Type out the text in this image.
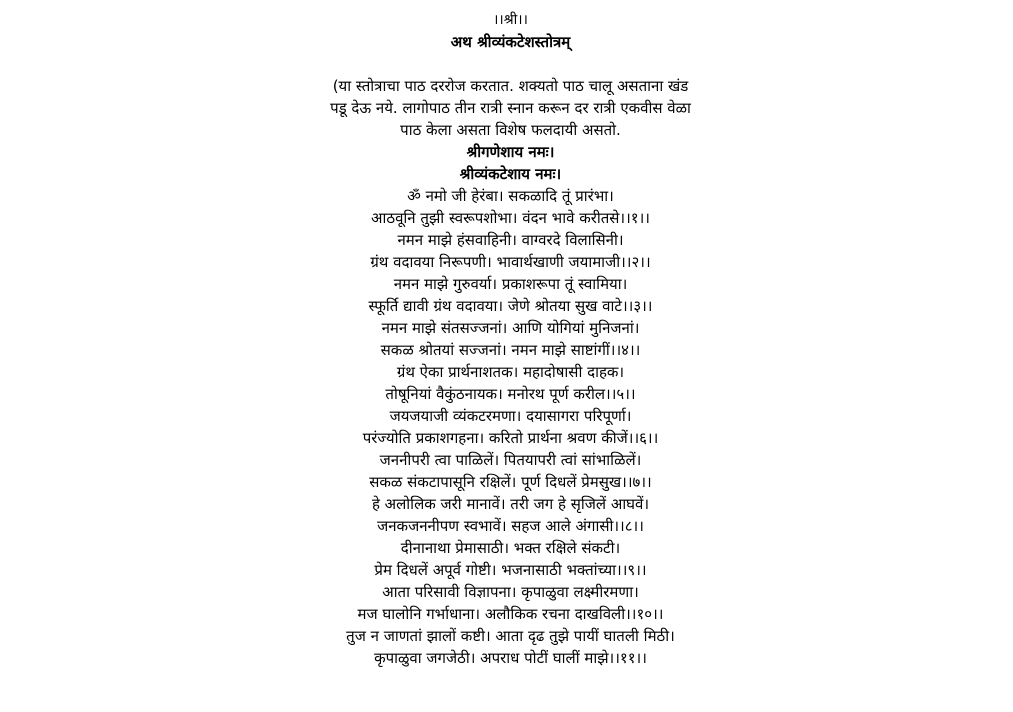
।।श्री।।
अथ श्रीव्यंकटेशस्तोत्रम्
(या स्तोत्राचा पाठ दररोज करतात. शक्यतो पाठ चालू असताना खंड
पडू देऊ नये. लागोपाठ तीन रात्री स्नान करून दर रात्री एकवीस वेळा
पाठ केला असता विशेष फलदायी असतो.
श्रीगणेशाय नमः।
श्रीव्यंकटेशाय नमः।
ॐ नमो जी हेरंबा। सकळादि तूं प्रारंभा।
आठवूनि तुझी स्वरूपशोभा। वंदन भावे करीतसे।।१।।
नमन माझे हंसवाहिनी। वाग्वरदे विलासिनी।
ग्रंथ वदावया निरूपणी। भावार्थखाणी जयामाजी।।२।।
नमन माझे गुरुवर्या। प्रकाशरूपा तूं स्वामिया।
स्फूर्ति द्यावी ग्रंथ वदावया। जेणे श्रोतया सुख वाटे।।३।।
नमन माझे संतसज्जनां। आणि योगियां मुनिजनां।
सकळ श्रोतयां सज्जनां। नमन माझे साष्टांगीं।।४।।
ग्रंथ ऐका प्रार्थनाशतक। महादोषासी दाहक।
तोषूनियां वैकुंठनायक। मनोरथ पूर्ण करील।।५।।
जयजयाजी व्यंकटरमणा। दयासागरा परिपूर्णा।
परंज्योति प्रकाशगहना। करितो प्रार्थना श्रवण कीजें।।६।।
जननीपरी त्वा पाळिलें। पितयापरी त्वां सांभाळिलें।
सकळ संकटापासूनि रक्षिलें। पूर्ण दिधलें प्रेमसुख।।७।।
हे अलोलिक जरी मानावें। तरी जग हे सृजिलें आघवें।
जनकजननीपण स्वभावें। सहज आले अंगासी।।८।।
दीनानाथा प्रेमासाठी। भक्त रक्षिले संकटी।
प्रेम दिधलें अपूर्व गोष्टी। भजनासाठी भक्तांच्या।।९।।
आता परिसावी विज्ञापना। कृपाळुवा लक्ष्मीरमणा।
मज घालोनि गर्भाधाना। अलौकिक रचना दाखविली।।१०।।
तुज न जाणतां झालों कष्टी। आता दृढ तुझे पायीं घातली मिठी।
कृपाळुवा जगजेठी। अपराध पोटीं घालीं माझे।।११।।
